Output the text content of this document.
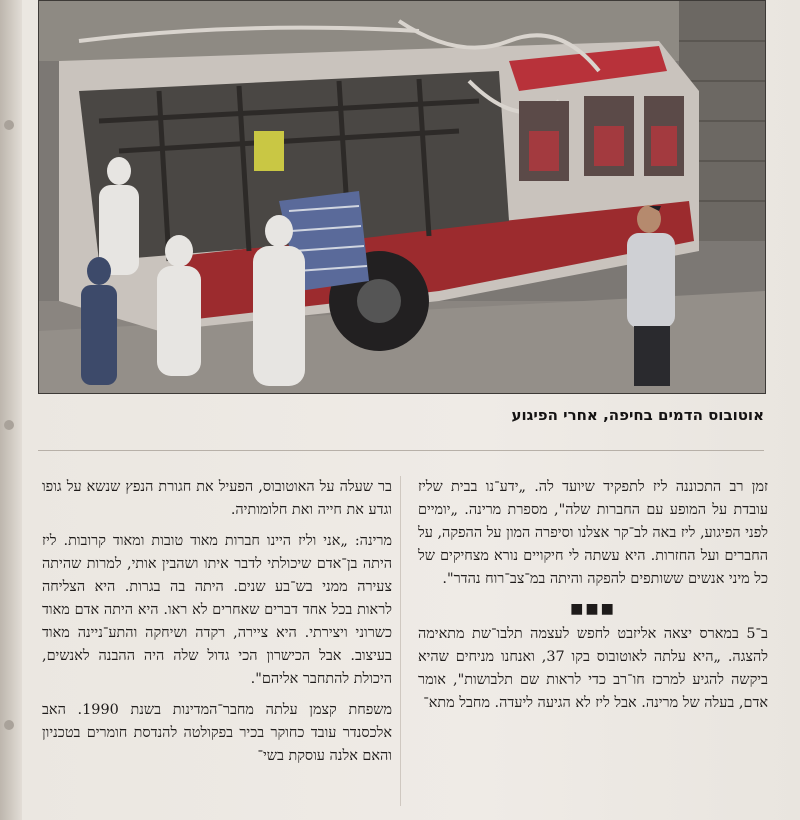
אוטובוס הדמים בחיפה, אחרי הפיגוע

זמן רב התכוננה ליז לתפקיד שיועד לה. „ידע־נו בבית שליז עובדת על המופע עם החברות שלה", מספרת מרינה. „יומיים לפני הפיגוע, ליז באה לב־קר אצלנו וסיפרה המון על ההפקה, על החברים ועל החזרות. היא עשתה לי חיקויים נורא מצחיקים של כל מיני אנשים ששותפים להפקה והיתה במ־צב־רוח נהדר".

■■■

ב־5 במארס יצאה אליזבט לחפש לעצמה תלבו־שת מתאימה להצגה. „היא עלתה לאוטובוס בקו 37, ואנחנו מניחים שהיא ביקשה להגיע למרכז חו־רב כדי לראות שם תלבושות", אומר אדם, בעלה של מרינה. אבל ליז לא הגיעה ליעדה. מחבל מתא־

בר שעלה על האוטובוס, הפעיל את חגורת הנפץ שנשא על גופו וגדע את חייה ואת חלומותיה.

מרינה: „אני וליז היינו חברות מאוד טובות ומאוד קרובות. ליז היתה בן־אדם שיכולתי לדבר איתו ושהבין אותי, למרות שהיתה צעירה ממני בש־בע שנים. היתה בה בגרות. היא הצליחה לראות בכל אחד דברים שאחרים לא ראו. היא היתה אדם מאוד כשרוני ויצירתי. היא ציירה, רקדה ושיחקה והתע־ניינה מאוד בעיצוב. אבל הכישרון הכי גדול שלה היה ההבנה לאנשים, היכולת להתחבר אליהם".

משפחת קצמן עלתה מחבר־המדינות בשנת 1990. האב אלכסנדר עובד כחוקר בכיר בפקולטה להנדסת חומרים בטכניון והאם אלנה עוסקת בשי־
